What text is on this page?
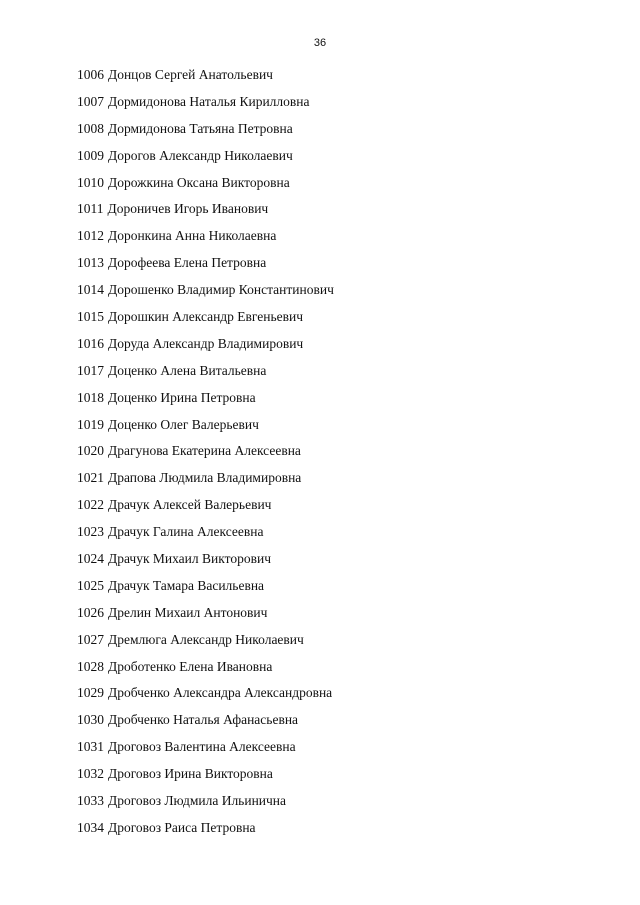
36
1006 Донцов Сергей Анатольевич
1007 Дормидонова Наталья Кирилловна
1008 Дормидонова Татьяна Петровна
1009 Дорогов Александр Николаевич
1010 Дорожкина Оксана Викторовна
1011 Дороничев Игорь Иванович
1012 Доронкина Анна Николаевна
1013 Дорофеева Елена Петровна
1014 Дорошенко Владимир Константинович
1015 Дорошкин Александр Евгеньевич
1016 Доруда Александр Владимирович
1017 Доценко Алена Витальевна
1018 Доценко Ирина Петровна
1019 Доценко Олег Валерьевич
1020 Драгунова Екатерина Алексеевна
1021 Драпова Людмила Владимировна
1022 Драчук Алексей Валерьевич
1023 Драчук Галина Алексеевна
1024 Драчук Михаил Викторович
1025 Драчук Тамара Васильевна
1026 Дрелин Михаил Антонович
1027 Дремлюга Александр Николаевич
1028 Дроботенко Елена Ивановна
1029 Дробченко Александра Александровна
1030 Дробченко Наталья Афанасьевна
1031 Дроговоз Валентина Алексеевна
1032 Дроговоз Ирина Викторовна
1033 Дроговоз Людмила Ильинична
1034 Дроговоз Раиса Петровна
